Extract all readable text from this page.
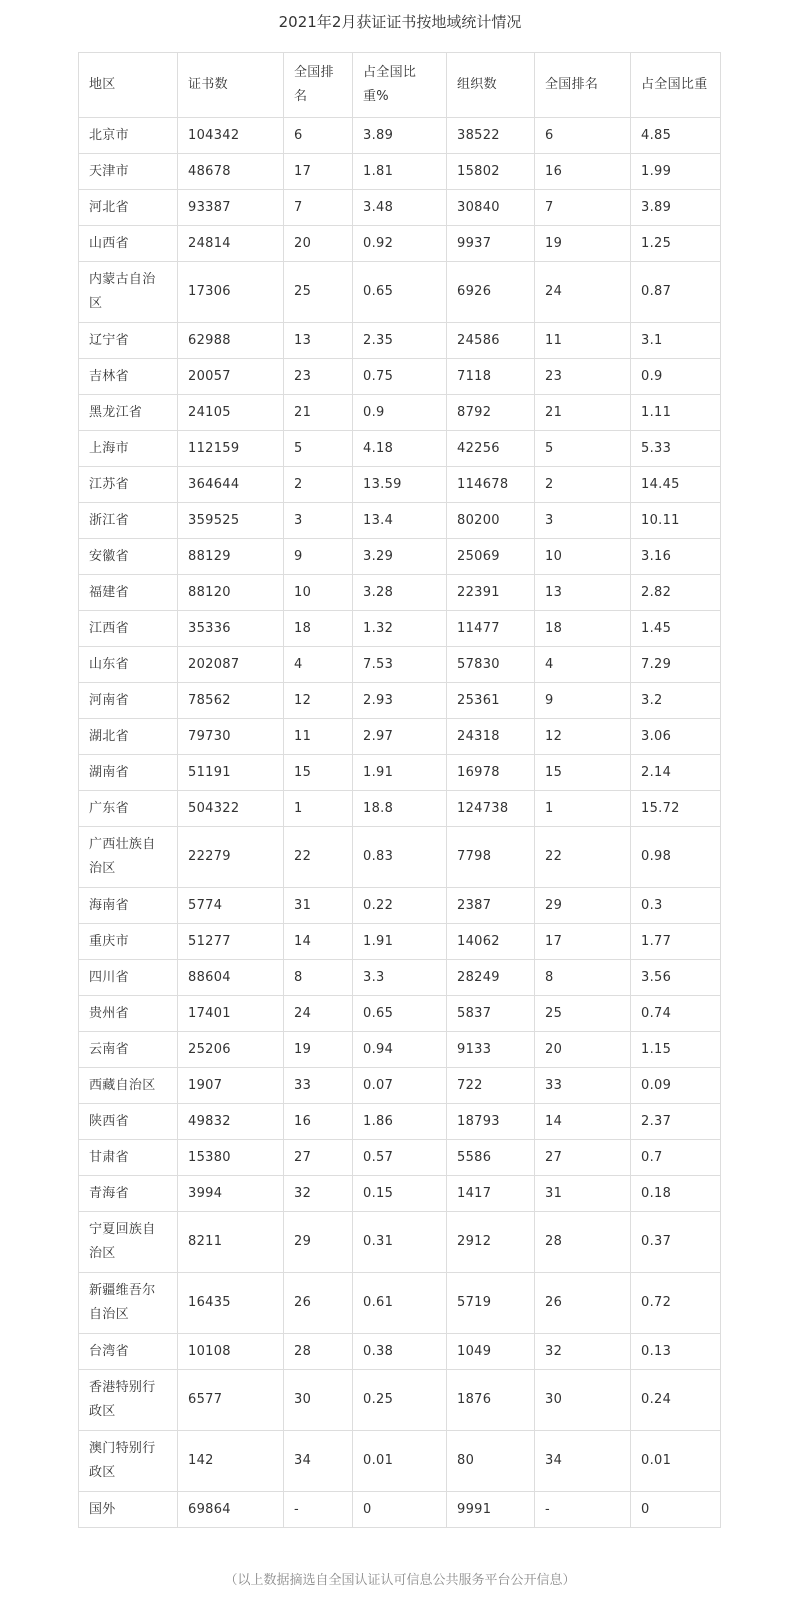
2021年2月获证证书按地域统计情况
地区	证书数	全国排名	占全国比重%	组织数	全国排名	占全国比重
北京市	104342	6	3.89	38522	6	4.85
天津市	48678	17	1.81	15802	16	1.99
河北省	93387	7	3.48	30840	7	3.89
山西省	24814	20	0.92	9937	19	1.25
内蒙古自治区	17306	25	0.65	6926	24	0.87
辽宁省	62988	13	2.35	24586	11	3.1
吉林省	20057	23	0.75	7118	23	0.9
黑龙江省	24105	21	0.9	8792	21	1.11
上海市	112159	5	4.18	42256	5	5.33
江苏省	364644	2	13.59	114678	2	14.45
浙江省	359525	3	13.4	80200	3	10.11
安徽省	88129	9	3.29	25069	10	3.16
福建省	88120	10	3.28	22391	13	2.82
江西省	35336	18	1.32	11477	18	1.45
山东省	202087	4	7.53	57830	4	7.29
河南省	78562	12	2.93	25361	9	3.2
湖北省	79730	11	2.97	24318	12	3.06
湖南省	51191	15	1.91	16978	15	2.14
广东省	504322	1	18.8	124738	1	15.72
广西壮族自治区	22279	22	0.83	7798	22	0.98
海南省	5774	31	0.22	2387	29	0.3
重庆市	51277	14	1.91	14062	17	1.77
四川省	88604	8	3.3	28249	8	3.56
贵州省	17401	24	0.65	5837	25	0.74
云南省	25206	19	0.94	9133	20	1.15
西藏自治区	1907	33	0.07	722	33	0.09
陕西省	49832	16	1.86	18793	14	2.37
甘肃省	15380	27	0.57	5586	27	0.7
青海省	3994	32	0.15	1417	31	0.18
宁夏回族自治区	8211	29	0.31	2912	28	0.37
新疆维吾尔自治区	16435	26	0.61	5719	26	0.72
台湾省	10108	28	0.38	1049	32	0.13
香港特别行政区	6577	30	0.25	1876	30	0.24
澳门特别行政区	142	34	0.01	80	34	0.01
国外	69864	-	0	9991	-	0
（以上数据摘选自全国认证认可信息公共服务平台公开信息）
